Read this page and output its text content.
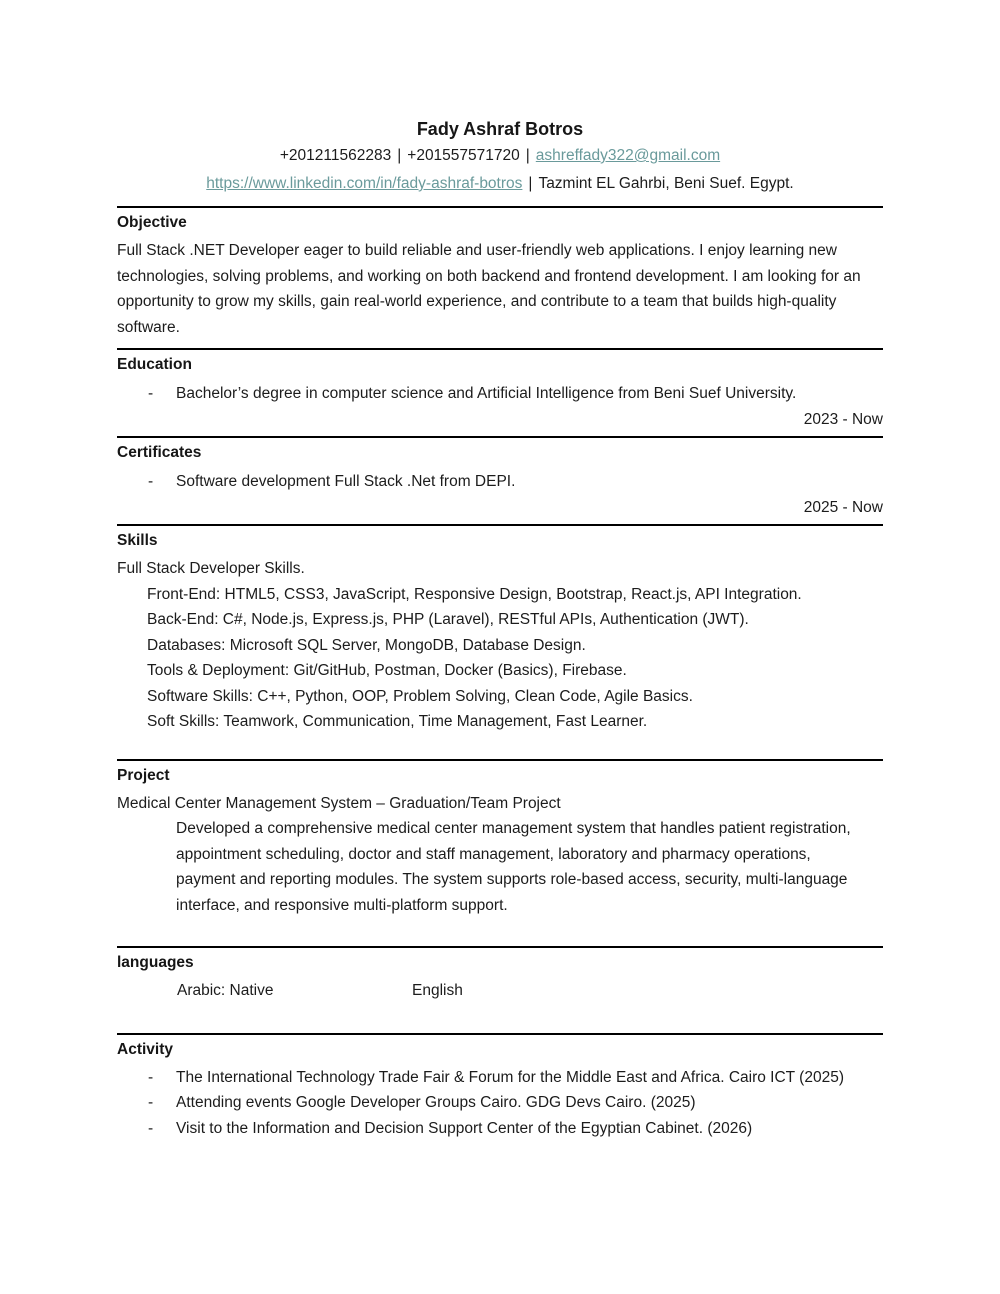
Fady Ashraf Botros
+201211562283 | +201557571720 | ashreffady322@gmail.com
https://www.linkedin.com/in/fady-ashraf-botros | Tazmint EL Gahrbi, Beni Suef. Egypt.
Objective
Full Stack .NET Developer eager to build reliable and user-friendly web applications. I enjoy learning new technologies, solving problems, and working on both backend and frontend development. I am looking for an opportunity to grow my skills, gain real-world experience, and contribute to a team that builds high-quality software.
Education
-	Bachelor’s degree in computer science and Artificial Intelligence from Beni Suef University.
2023 - Now
Certificates
-	Software development Full Stack .Net from DEPI.
2025 - Now
Skills
Full Stack Developer Skills.
Front-End: HTML5, CSS3, JavaScript, Responsive Design, Bootstrap, React.js, API Integration.
Back-End: C#, Node.js, Express.js, PHP (Laravel), RESTful APIs, Authentication (JWT).
Databases: Microsoft SQL Server, MongoDB, Database Design.
Tools & Deployment: Git/GitHub, Postman, Docker (Basics), Firebase.
Software Skills: C++, Python, OOP, Problem Solving, Clean Code, Agile Basics.
Soft Skills: Teamwork, Communication, Time Management, Fast Learner.
Project
Medical Center Management System – Graduation/Team Project
Developed a comprehensive medical center management system that handles patient registration, appointment scheduling, doctor and staff management, laboratory and pharmacy operations, payment and reporting modules. The system supports role-based access, security, multi-language interface, and responsive multi-platform support.
languages
Arabic: Native	English
Activity
-	The International Technology Trade Fair & Forum for the Middle East and Africa. Cairo ICT (2025)
-	Attending events Google Developer Groups Cairo. GDG Devs Cairo. (2025)
-	Visit to the Information and Decision Support Center of the Egyptian Cabinet. (2026)
